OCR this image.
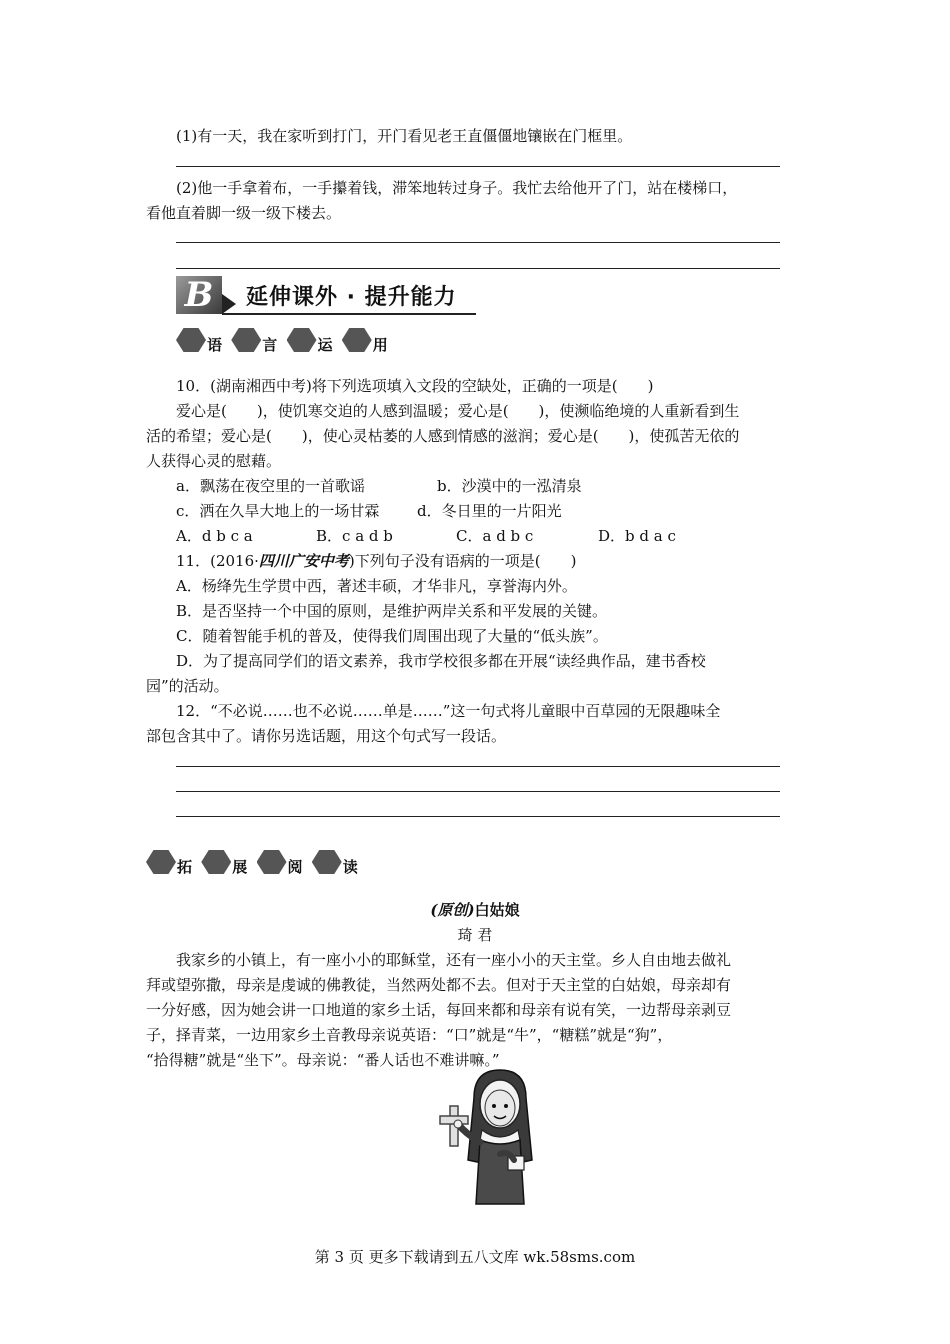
(1)有一天，我在家听到打门，开门看见老王直僵僵地镶嵌在门框里。
(2)他一手拿着布，一手攥着钱，滞笨地转过身子。我忙去给他开了门，站在楼梯口，
看他直着脚一级一级下楼去。
B	延伸课外 · 提升能力
语	言	运	用
10．(湖南湘西中考)将下列选项填入文段的空缺处，正确的一项是(　　)
爱心是(　　)，使饥寒交迫的人感到温暖；爱心是(　　)，使濒临绝境的人重新看到生
活的希望；爱心是(　　)，使心灵枯萎的人感到情感的滋润；爱心是(　　)，使孤苦无依的
人获得心灵的慰藉。
a．飘荡在夜空里的一首歌谣	b．沙漠中的一泓清泉
c．洒在久旱大地上的一场甘霖	d．冬日里的一片阳光
A．d b c a	B．c a d b	C．a d b c	D．b d a c
11．(2016·四川广安中考)下列句子没有语病的一项是(　　)
A．杨绛先生学贯中西，著述丰硕，才华非凡，享誉海内外。
B．是否坚持一个中国的原则，是维护两岸关系和平发展的关键。
C．随着智能手机的普及，使得我们周围出现了大量的“低头族”。
D．为了提高同学们的语文素养，我市学校很多都在开展“读经典作品，建书香校
园”的活动。
12．“不必说……也不必说……单是……”这一句式将儿童眼中百草园的无限趣味全
部包含其中了。请你另选话题，用这个句式写一段话。
拓	展	阅	读
(原创)白姑娘
琦 君
我家乡的小镇上，有一座小小的耶稣堂，还有一座小小的天主堂。乡人自由地去做礼
拜或望弥撒，母亲是虔诚的佛教徒，当然两处都不去。但对于天主堂的白姑娘，母亲却有
一分好感，因为她会讲一口地道的家乡土话，每回来都和母亲有说有笑，一边帮母亲剥豆
子，择青菜，一边用家乡土音教母亲说英语：“口”就是“牛”，“糖糕”就是“狗”，
“拾得糖”就是“坐下”。母亲说：“番人话也不难讲嘛。”
第 3 页 更多下载请到五八文库 wk.58sms.com
